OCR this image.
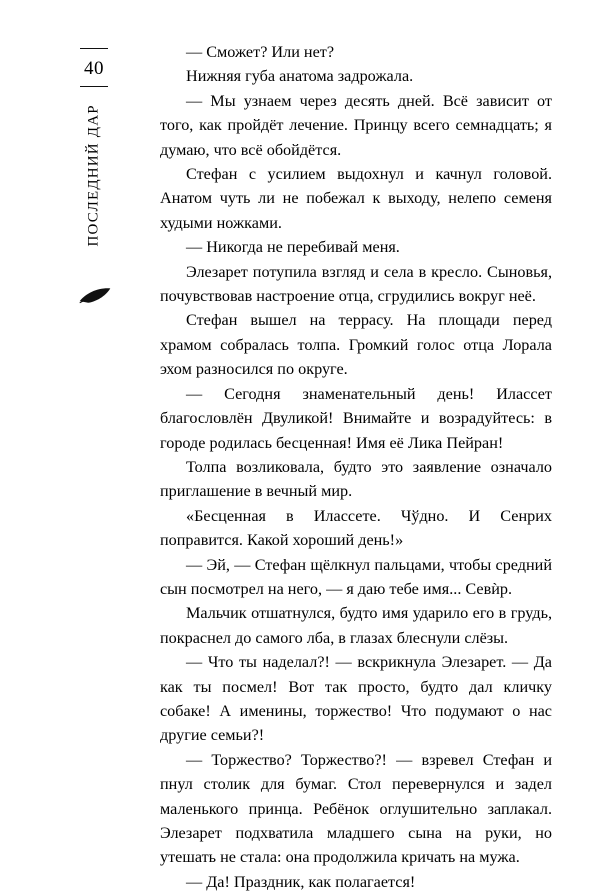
40
ПОСЛЕДНИЙ ДАР

— Сможет? Или нет?

Нижняя губа анатома задрожала.

— Мы узнаем через десять дней. Всё зависит от того, как пройдёт лечение. Принцу всего семнадцать; я думаю, что всё обойдётся.

Стефан с усилием выдохнул и качнул головой. Анатом чуть ли не побежал к выходу, нелепо семеня худыми ножками.

— Никогда не перебивай меня.

Элезарет потупила взгляд и села в кресло. Сыновья, почувствовав настроение отца, сгрудились вокруг неё.

Стефан вышел на террасу. На площади перед храмом собралась толпа. Громкий голос отца Лорала эхом разносился по округе.

— Сегодня знаменательный день! Илассет благословлён Двуликой! Внимайте и возрадуйтесь: в городе родилась бесценная! Имя её Лика Пейран!

Толпа возликовала, будто это заявление означало приглашение в вечный мир.

«Бесценная в Илассете. Чўдно. И Сенрих поправится. Какой хороший день!»

— Эй, — Стефан щёлкнул пальцами, чтобы средний сын посмотрел на него, — я даю тебе имя... Севѝр.

Мальчик отшатнулся, будто имя ударило его в грудь, покраснел до самого лба, в глазах блеснули слёзы.

— Что ты наделал?! — вскрикнула Элезарет. — Да как ты посмел! Вот так просто, будто дал кличку собаке! А именины, торжество! Что подумают о нас другие семьи?!

— Торжество? Торжество?! — взревел Стефан и пнул столик для бумаг. Стол перевернулся и задел маленького принца. Ребёнок оглушительно заплакал. Элезарет подхватила младшего сына на руки, но утешать не стала: она продолжила кричать на мужа.

— Да! Праздник, как полагается!
